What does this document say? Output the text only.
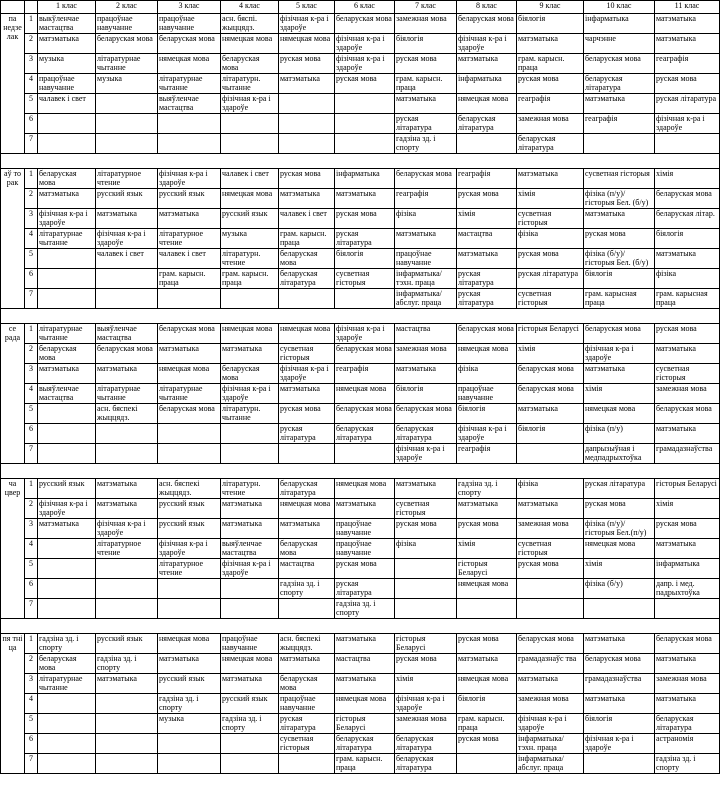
		1 клас	2 клас	3 клас	4 клас	5 клас	6 клас	7 клас	8 клас	9 клас	10 клас	11 клас
па недзе лак	1	выкўленчае мастацтва	працоўнае навучанне	працоўнае навучанне	асн. бяспі. жыццядз.	фізічная к-ра і здароўе	беларуская мова	замежная мова	беларуская мова	біялогія	інфарматыка	матэматыка
	2	матэматыка	беларуская мова	беларуская мова	нямецкая мова	нямецкая мова	фізічная к-ра і здароўе	біялогія	фізічная к-ра і здароўе	матэматыка	чарчэнне	матэматыка
	3	музыка	літаратурнае чытанне	нямецкая мова	беларуская мова	руская мова	фізічная к-ра і здароўе	руская мова	матэматыка	грам. карысн. праца	беларуская мова	геаграфія
	4	працоўнае навучанне	музыка	літаратурнае чытанне	літаратурн. чытанне	матэматыка	руская мова	грам. карысн. праца	інфарматыка	руская мова	беларуская літаратура	руская мова
	5	чалавек і свет		выяўленчае мастацтва	фізічная к-ра і здароўе			матэматыка	нямецкая мова	геаграфія	матэматыка	руская літаратура
	6							руская літаратура	беларуская літаратура	замежная мова	геаграфія	фізічная к-ра і здароўе
	7							гадзіна зд. і спорту		беларуская літаратура		

аў то рак	1	беларуская мова	літаратурное чтение	фізічная к-ра і здароўе	чалавек і свет	руская мова	інфарматыка	беларуская мова	геаграфія	матэматыка	сусветная гісторыя	хімія
	2	матэматыка	русский язык	русский язык	нямецкая мова	матэматыка	матэматыка	геаграфія	руская мова	хімія	фізіка (п/у)/ гісторыя Бел. (б/у)	беларуская мова
	3	фізічная к-ра і здароўе	матэматыка	матэматыка	русский язык	чалавек і свет	руская мова	фізіка	хімія	сусветная гісторыя	матэматыка	беларуская літар.
	4	літаратурнае чытанне	фізічная к-ра і здароўе	літаратурное чтение	музыка	грам. карысн. праца	руская літаратура	матэматыка	мастацтва	фізіка	руская мова	біялогія
	5		чалавек і свет	чалавек і свет	літаратурн. чтение	беларуская мова	біялогія	працоўнае навучанне	матэматыка	руская мова	фізіка (б/у)/ гісторыя Бел. (б/у)	матэматыка
	6			грам. карысн. праца	грам. карысн. праца	беларуская літаратура	сусветная гісторыя	інфарматыка/ тэхн. праца	руская літаратура	руская літаратура	біялогія	фізіка
	7							інфарматыка/ абслуг. праца	руская літаратура	сусветная гісторыя	грам. карысная праца	грам. карысная праца

се рада	1	літаратурнае чытанне	выяўленчае мастацтва	беларуская мова	нямецкая мова	нямецкая мова	фізічная к-ра і здароўе	мастацтва	беларуская мова	гісторыя Беларусі	беларуская мова	руская мова
	2	беларуская мова	беларуская мова	матэматыка	матэматыка	сусветная гісторыя	беларуская мова	замежная мова	нямецкая мова	хімія	фізічная к-ра і здароўе	матэматыка
	3	матэматыка	матэматыка	нямецкая мова	беларуская мова	фізічная к-ра і здароўе	геаграфія	матэматыка	фізіка	беларуская мова	матэматыка	сусветная гісторыя
	4	выяўленчае мастацтва	літаратурнае чытанне	літаратурнае чытанне	фізічная к-ра і здароўе	матэматыка	нямецкая мова	біялогія	працоўнае навучанне	беларуская мова	хімія	замежная мова
	5		асн. бяспекі жыццядз.	беларуская мова	літаратурн. чытанне	руская мова	беларуская мова	беларуская мова	біялогія	матэматыка	нямецкая мова	беларуская мова
	6					руская літаратура	беларуская літаратура	беларуская літаратура	фізічная к-ра і здароўе	біялогія	фізіка (п/у)	матэматыка
	7							фізічная к-ра і здароўе	геаграфія		дапрызыўная і медпадрыхтоўка	грамадазнаўства

ча цвер	1	русский язык	матэматыка	асн. бяспекі жыццядз.	літаратурн. чтение	беларуская літаратура	нямецкая мова	матэматыка	гадзіна зд. і спорту	фізіка	руская літаратура	гісторыя Беларусі
	2	фізічная к-ра і здароўе	матэматыка	русский язык	матэматыка	нямецкая мова	матэматыка	сусветная гісторыя	матэматыка	матэматыка	руская мова	хімія
	3	матэматыка	фізічная к-ра і здароўе	русский язык	матэматыка	матэматыка	працоўнае навучанне	руская мова	руская мова	замежная мова	фізіка (п/у)/ гісторыя Бел.(п/у)	руская мова
	4		літаратурное чтение	фізічная к-ра і здароўе	выяўленчае мастацтва	беларуская мова	працоўнае навучанне	фізіка	хімія	сусветная гісторыя	нямецкая мова	матэматыка
	5			літаратурное чтение	фізічная к-ра і здароўе	мастацтва	руская мова		гісторыя Беларусі	руская мова	хімія	інфарматыка
	6					гадзіна зд. і спорту	руская літаратура		нямецкая мова		фізіка (б/у)	дапр. і мед. падрыхтоўка
	7						гадзіна зд. і спорту					

пя тні ца	1	гадзіна зд. і спорту	русский язык	нямецкая мова	працоўнае навучанне	асн. бяспекі жыццядз.	матэматыка	гісторыя Беларусі	руская мова	беларуская мова	матэматыка	беларуская мова
	2	беларуская мова	гадзіна зд. і спорту	матэматыка	нямецкая мова	матэматыка	мастацтва	руская мова	матэматыка	грамадазнаўс тва	беларуская мова	матэматыка
	3	літаратурнае чытанне	матэматыка	русский язык	матэматыка	беларуская мова	матэматыка	хімія	нямецкая мова	матэматыка	грамадазнаўства	замежная мова
	4			гадзіна зд. і спорту	русский язык	працоўнае навучанне	нямецкая мова	фізічная к-ра і здароўе	біялогія	замежная мова	матэматыка	матэматыка
	5			музыка	гадзіна зд. і спорту	руская літаратура	гісторыя Беларусі	замежная мова	грам. карысн. праца	фізічная к-ра і здароўе	біялогія	беларуская літаратура
	6					сусветная гісторыя	беларуская літаратура	беларуская літаратура	руская мова	інфарматыка/ тэхн. праца	фізічная к-ра і здароўе	астраномія
	7						грам. карысн. праца	беларуская літаратура		інфарматыка/ абслуг. праца		гадзіна зд. і спорту
